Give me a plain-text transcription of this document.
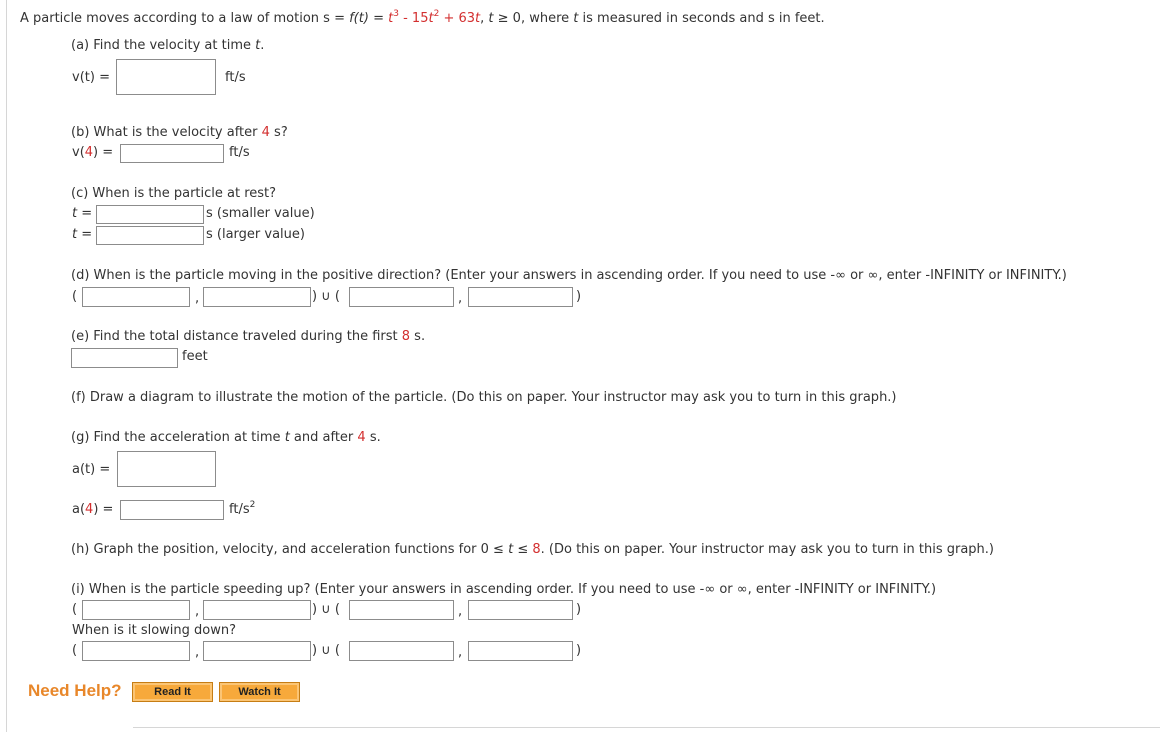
A particle moves according to a law of motion $s = f(t) = t^3 - 15t^2 + 63t$, t ≥ 0, where t is measured in seconds and s in feet.
(a) Find the velocity at time t.
v(t) =	ft/s
(b) What is the velocity after 4 s?
v(4) =	ft/s
(c) When is the particle at rest?
t =	s (smaller value)
t =	s (larger value)
(d) When is the particle moving in the positive direction? (Enter your answers in ascending order. If you need to use -∞ or ∞, enter -INFINITY or INFINITY.)
(	,	) ∪ (	,	)
(e) Find the total distance traveled during the first 8 s.
feet
(f) Draw a diagram to illustrate the motion of the particle. (Do this on paper. Your instructor may ask you to turn in this graph.)
(g) Find the acceleration at time t and after 4 s.
a(t) =
a(4) =	$ft/s^2$
(h) Graph the position, velocity, and acceleration functions for 0 ≤ t ≤ 8. (Do this on paper. Your instructor may ask you to turn in this graph.)
(i) When is the particle speeding up? (Enter your answers in ascending order. If you need to use -∞ or ∞, enter -INFINITY or INFINITY.)
(	,	) ∪ (	,	)
When is it slowing down?
(	,	) ∪ (	,	)
Need Help?	Read It	Watch It
